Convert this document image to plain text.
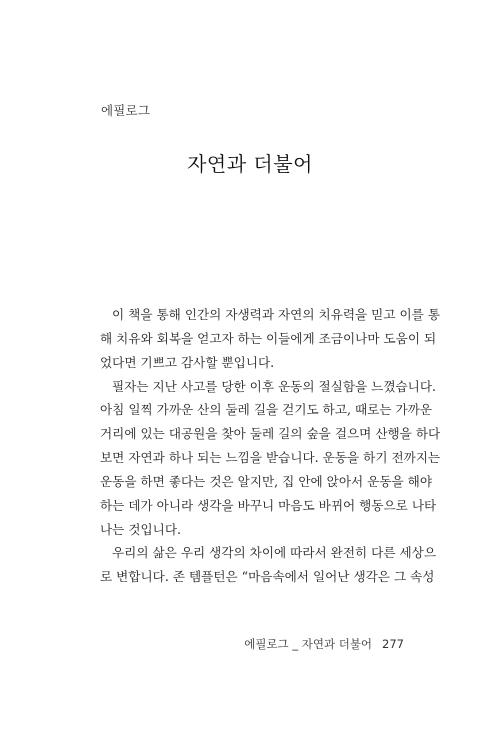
에필로그
자연과 더불어
이 책을 통해 인간의 자생력과 자연의 치유력을 믿고 이를 통
해 치유와 회복을 얻고자 하는 이들에게 조금이나마 도움이 되
었다면 기쁘고 감사할 뿐입니다.
필자는 지난 사고를 당한 이후 운동의 절실함을 느꼈습니다.
아침 일찍 가까운 산의 둘레 길을 걷기도 하고, 때로는 가까운
거리에 있는 대공원을 찾아 둘레 길의 숲을 걸으며 산행을 하다
보면 자연과 하나 되는 느낌을 받습니다. 운동을 하기 전까지는
운동을 하면 좋다는 것은 알지만, 집 안에 앉아서 운동을 해야
하는 데가 아니라 생각을 바꾸니 마음도 바뀌어 행동으로 나타
나는 것입니다.
우리의 삶은 우리 생각의 차이에 따라서 완전히 다른 세상으
로 변합니다. 존 템플턴은 “마음속에서 일어난 생각은 그 속성
에필로그 _ 자연과 더불어 277
